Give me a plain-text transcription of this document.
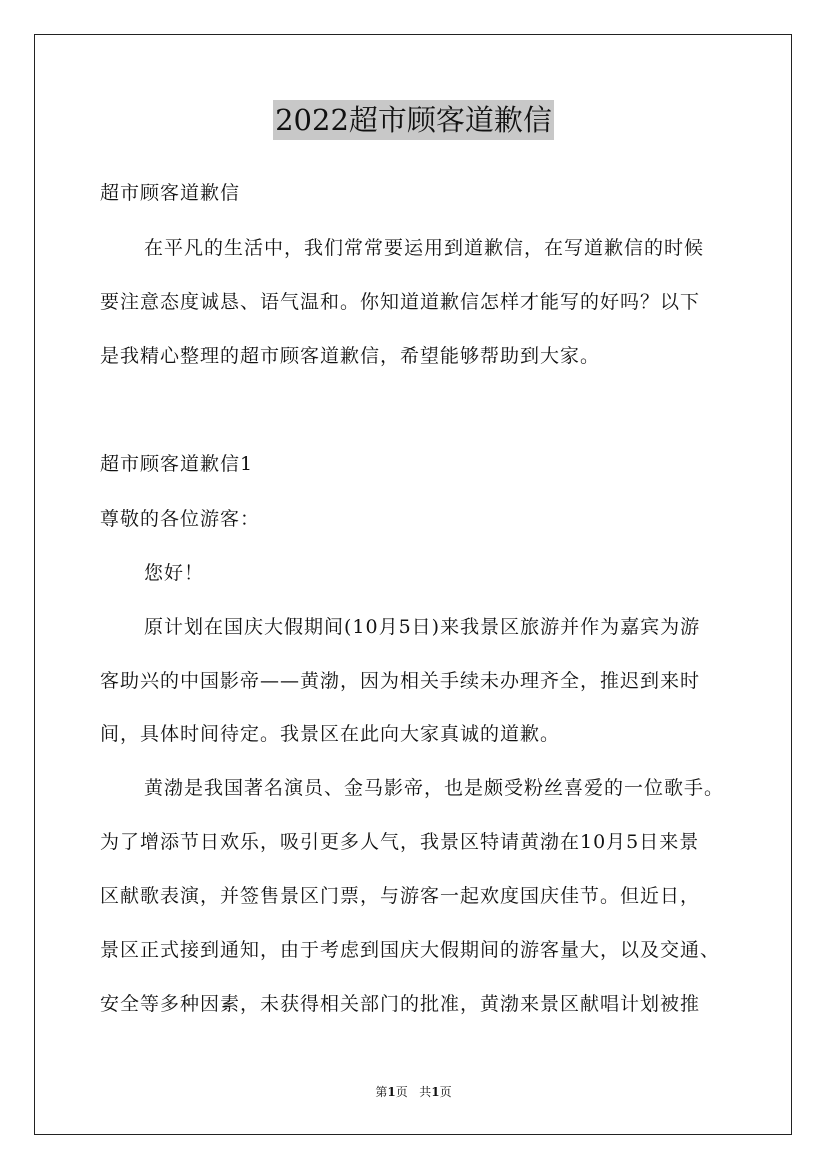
2022超市顾客道歉信
超市顾客道歉信
在平凡的生活中，我们常常要运用到道歉信，在写道歉信的时候
要注意态度诚恳、语气温和。你知道道歉信怎样才能写的好吗？以下
是我精心整理的超市顾客道歉信，希望能够帮助到大家。
超市顾客道歉信1
尊敬的各位游客：
您好！
原计划在国庆大假期间(10月5日)来我景区旅游并作为嘉宾为游
客助兴的中国影帝——黄渤，因为相关手续未办理齐全，推迟到来时
间，具体时间待定。我景区在此向大家真诚的道歉。
黄渤是我国著名演员、金马影帝，也是颇受粉丝喜爱的一位歌手。
为了增添节日欢乐，吸引更多人气，我景区特请黄渤在10月5日来景
区献歌表演，并签售景区门票，与游客一起欢度国庆佳节。但近日，
景区正式接到通知，由于考虑到国庆大假期间的游客量大，以及交通、
安全等多种因素，未获得相关部门的批准，黄渤来景区献唱计划被推
第1页   共1页
